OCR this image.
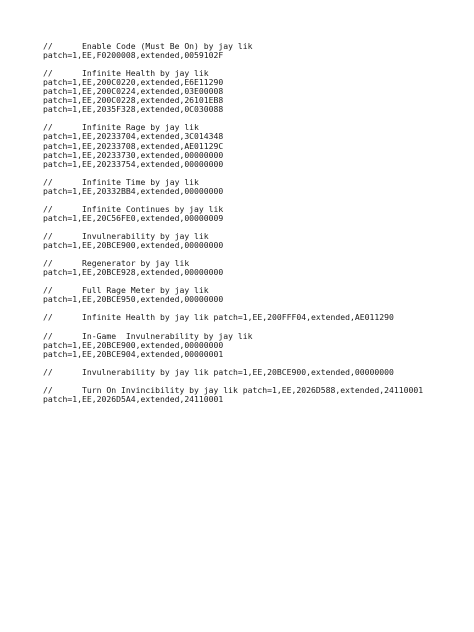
//      Enable Code (Must Be On) by jay lik
patch=1,EE,F0200008,extended,0059102F
//      Infinite Health by jay lik
patch=1,EE,200C0220,extended,E6E11290
patch=1,EE,200C0224,extended,03E00008
patch=1,EE,200C0228,extended,26101EB8
patch=1,EE,2035F328,extended,0C030088
//      Infinite Rage by jay lik
patch=1,EE,20233704,extended,3C014348
patch=1,EE,20233708,extended,AE01129C
patch=1,EE,20233730,extended,00000000
patch=1,EE,20233754,extended,00000000
//      Infinite Time by jay lik
patch=1,EE,20332BB4,extended,00000000
//      Infinite Continues by jay lik
patch=1,EE,20C56FE0,extended,00000009
//      Invulnerability by jay lik
patch=1,EE,20BCE900,extended,00000000
//      Regenerator by jay lik
patch=1,EE,20BCE928,extended,00000000
//      Full Rage Meter by jay lik
patch=1,EE,20BCE950,extended,00000000
//      Infinite Health by jay lik patch=1,EE,200FFF04,extended,AE011290
//      In-Game  Invulnerability by jay lik
patch=1,EE,20BCE900,extended,00000000
patch=1,EE,20BCE904,extended,00000001
//      Invulnerability by jay lik patch=1,EE,20BCE900,extended,00000000
//      Turn On Invincibility by jay lik patch=1,EE,2026D588,extended,24110001
patch=1,EE,2026D5A4,extended,24110001
